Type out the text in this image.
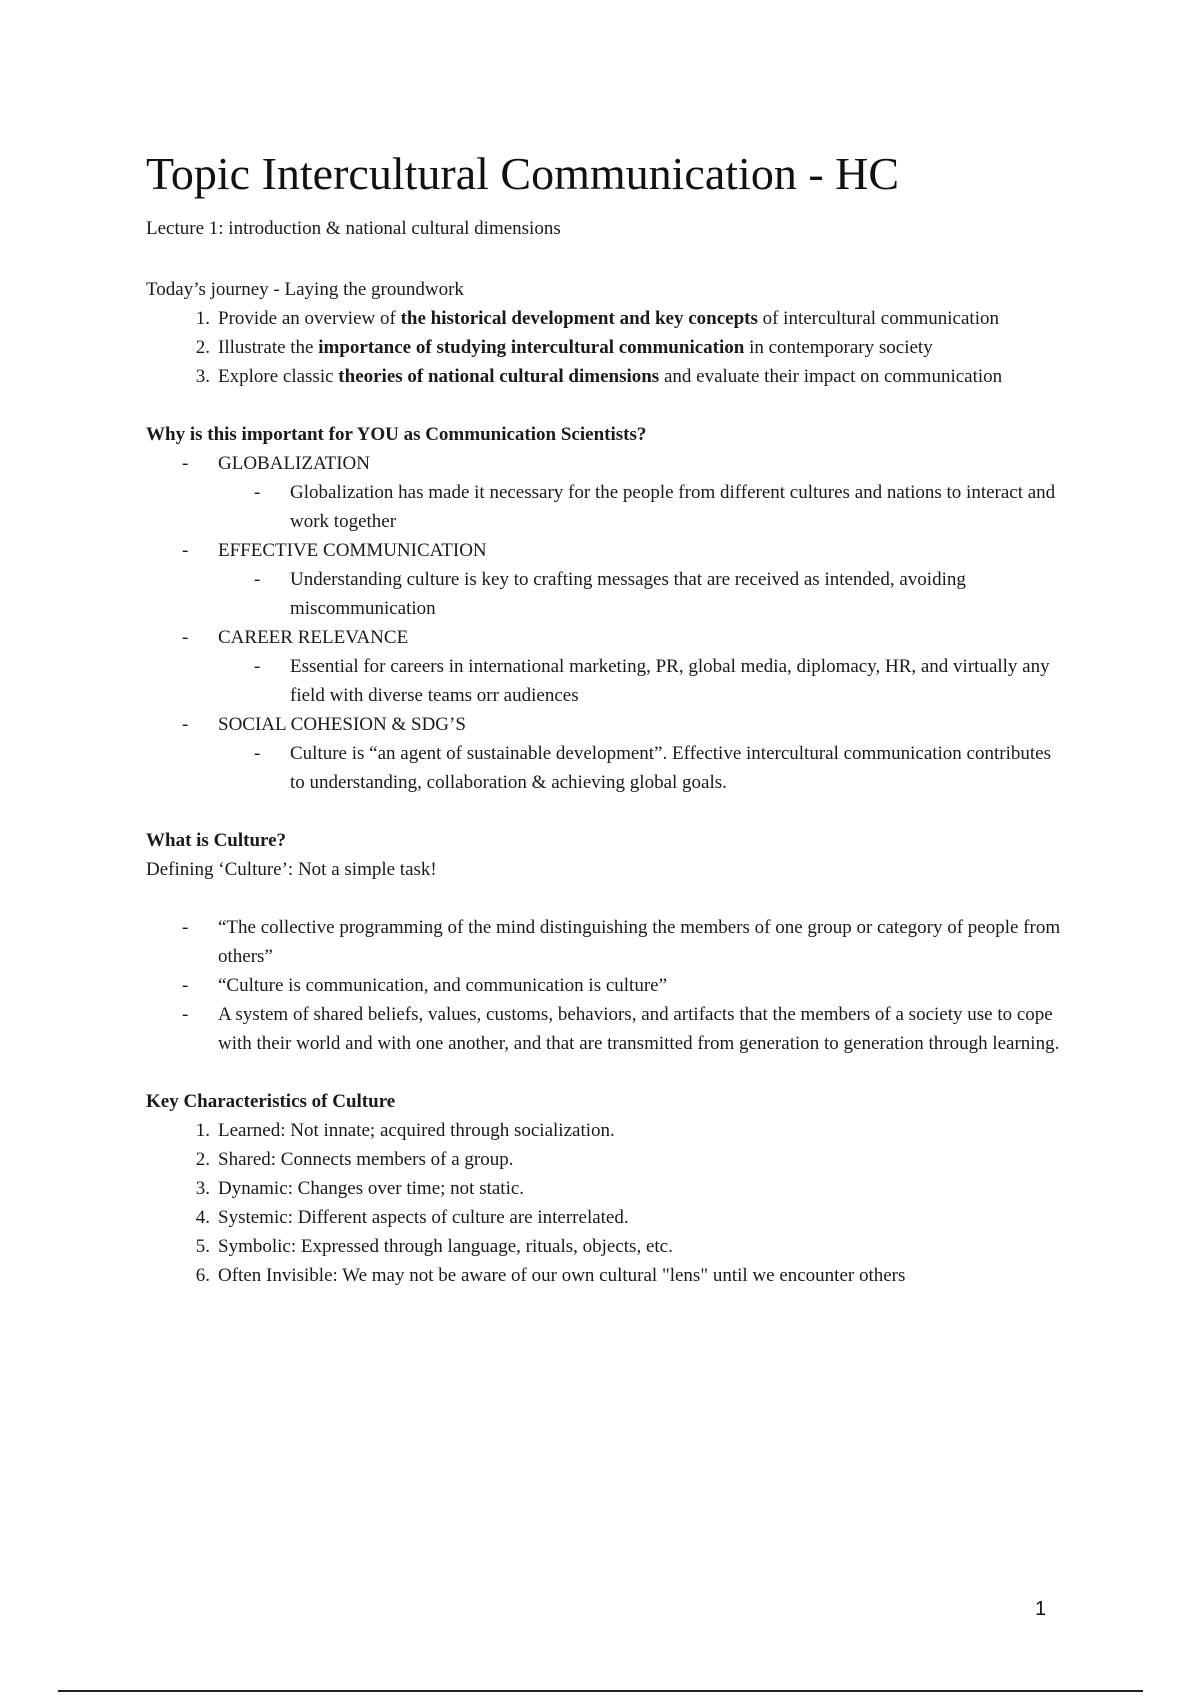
Topic Intercultural Communication - HC
Lecture 1: introduction & national cultural dimensions

Today’s journey - Laying the groundwork

1. Provide an overview of the historical development and key concepts of intercultural communication
2. Illustrate the importance of studying intercultural communication in contemporary society
3. Explore classic theories of national cultural dimensions and evaluate their impact on communication

Why is this important for YOU as Communication Scientists?

- GLOBALIZATION
- Globalization has made it necessary for the people from different cultures and nations to interact and work together
- EFFECTIVE COMMUNICATION
- Understanding culture is key to crafting messages that are received as intended, avoiding miscommunication
- CAREER RELEVANCE
- Essential for careers in international marketing, PR, global media, diplomacy, HR, and virtually any field with diverse teams orr audiences
- SOCIAL COHESION & SDG’S
- Culture is “an agent of sustainable development”. Effective intercultural communication contributes to understanding, collaboration & achieving global goals.

What is Culture?

Defining ‘Culture’: Not a simple task!

- “The collective programming of the mind distinguishing the members of one group or category of people from others”
- “Culture is communication, and communication is culture”
- A system of shared beliefs, values, customs, behaviors, and artifacts that the members of a society use to cope with their world and with one another, and that are transmitted from generation to generation through learning.

Key Characteristics of Culture

1. Learned: Not innate; acquired through socialization.
2. Shared: Connects members of a group.
3. Dynamic: Changes over time; not static.
4. Systemic: Different aspects of culture are interrelated.
5. Symbolic: Expressed through language, rituals, objects, etc.
6. Often Invisible: We may not be aware of our own cultural "lens" until we encounter others
1
